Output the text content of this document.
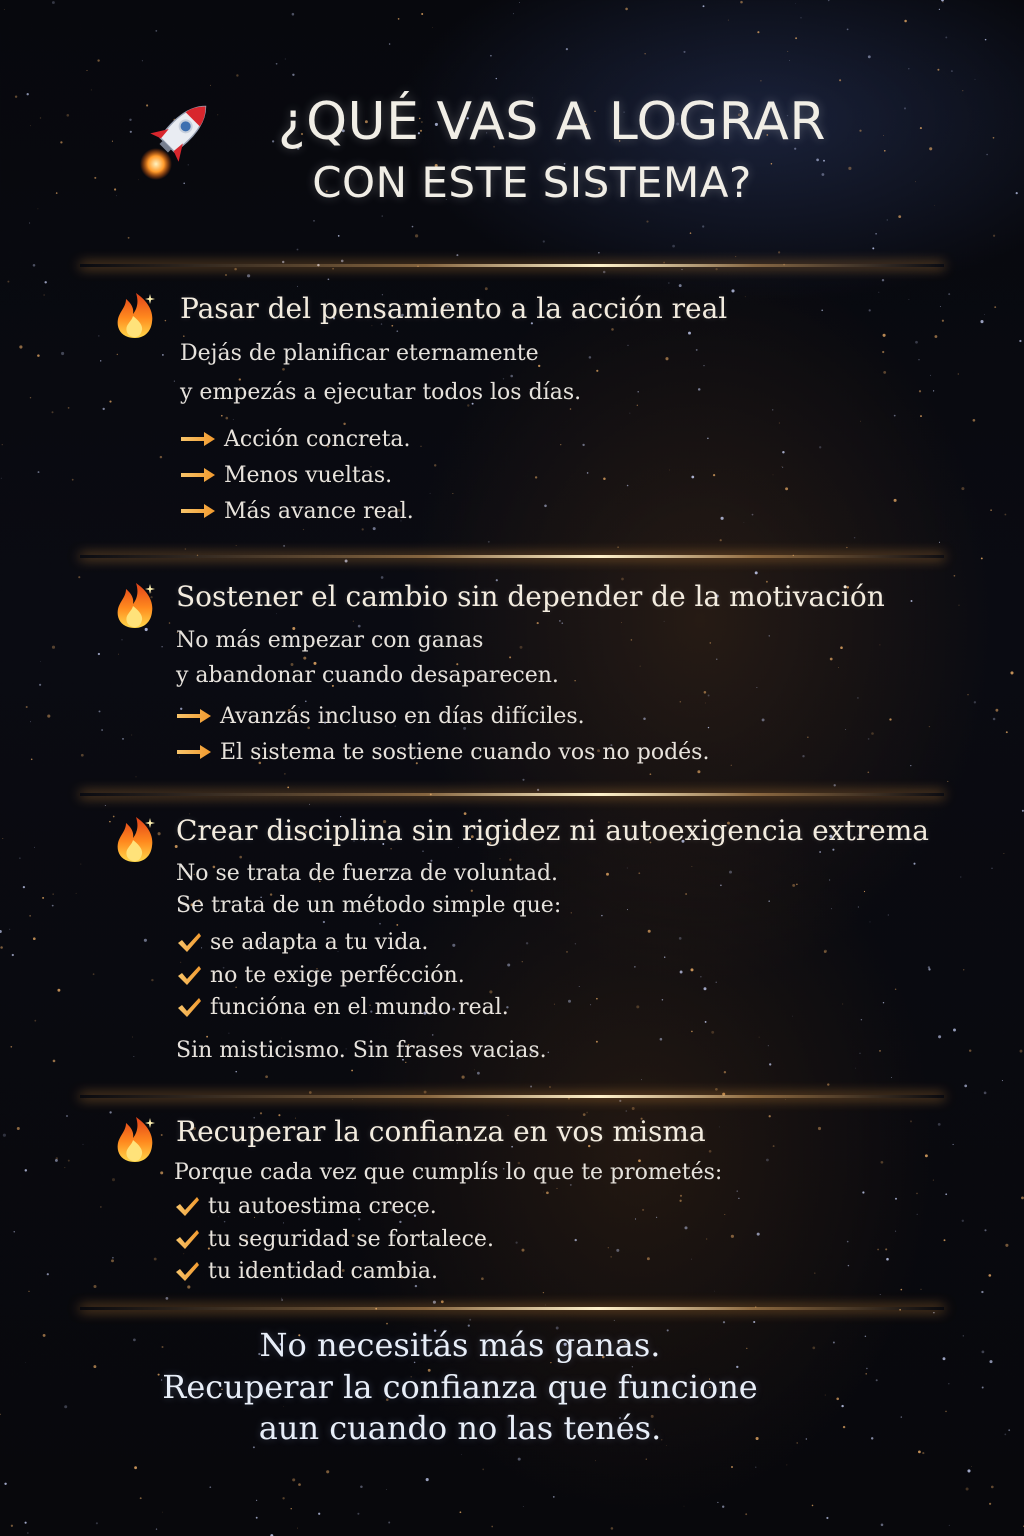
¿QUÉ VAS A LOGRAR
CON ESTE SISTEMA?
Pasar del pensamiento a la acción real
Dejás de planificar eternamente
y empezás a ejecutar todos los días.
Acción concreta.
Menos vueltas.
Más avance real.
Sostener el cambio sin depender de la motivación
No más empezar con ganas
y abandonar cuando desaparecen.
Avanzás incluso en días difíciles.
El sistema te sostiene cuando vos no podés.
Crear disciplina sin rigidez ni autoexigencia extrema
No se trata de fuerza de voluntad.
Se trata de un método simple que:
se adapta a tu vida.
no te exige perfécción.
funcióna en el mundo real.
Sin misticismo. Sin frases vacias.
Recuperar la confianza en vos misma
Porque cada vez que cumplís lo que te prometés:
tu autoestima crece.
tu seguridad se fortalece.
tu identidad cambia.
No necesitás más ganas.
Recuperar la confianza que funcione
aun cuando no las tenés.
